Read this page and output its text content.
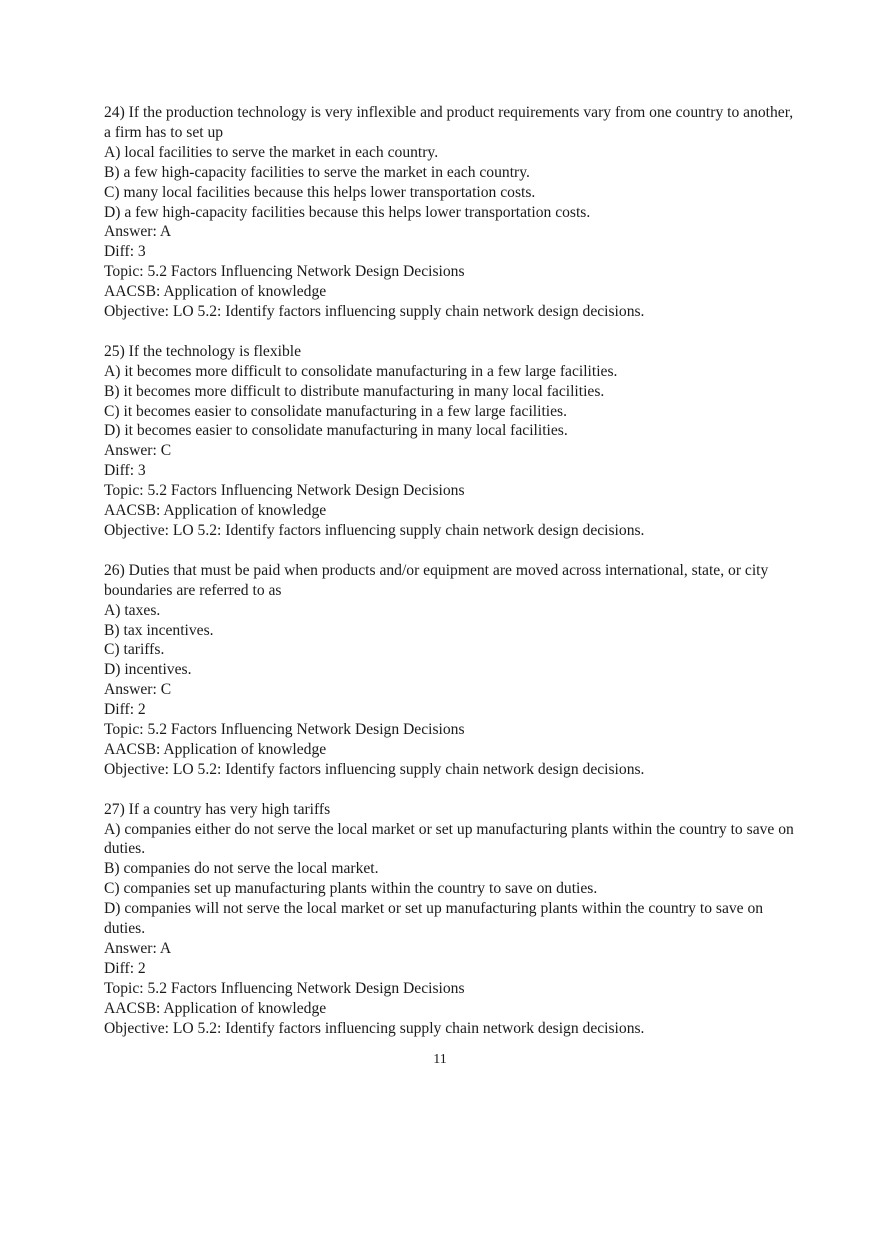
24) If the production technology is very inflexible and product requirements vary from one country to another, a firm has to set up
A) local facilities to serve the market in each country.
B) a few high-capacity facilities to serve the market in each country.
C) many local facilities because this helps lower transportation costs.
D) a few high-capacity facilities because this helps lower transportation costs.
Answer: A
Diff: 3
Topic: 5.2 Factors Influencing Network Design Decisions
AACSB: Application of knowledge
Objective: LO 5.2: Identify factors influencing supply chain network design decisions.
25) If the technology is flexible
A) it becomes more difficult to consolidate manufacturing in a few large facilities.
B) it becomes more difficult to distribute manufacturing in many local facilities.
C) it becomes easier to consolidate manufacturing in a few large facilities.
D) it becomes easier to consolidate manufacturing in many local facilities.
Answer: C
Diff: 3
Topic: 5.2 Factors Influencing Network Design Decisions
AACSB: Application of knowledge
Objective: LO 5.2: Identify factors influencing supply chain network design decisions.
26) Duties that must be paid when products and/or equipment are moved across international, state, or city boundaries are referred to as
A) taxes.
B) tax incentives.
C) tariffs.
D) incentives.
Answer: C
Diff: 2
Topic: 5.2 Factors Influencing Network Design Decisions
AACSB: Application of knowledge
Objective: LO 5.2: Identify factors influencing supply chain network design decisions.
27) If a country has very high tariffs
A) companies either do not serve the local market or set up manufacturing plants within the country to save on duties.
B) companies do not serve the local market.
C) companies set up manufacturing plants within the country to save on duties.
D) companies will not serve the local market or set up manufacturing plants within the country to save on duties.
Answer: A
Diff: 2
Topic: 5.2 Factors Influencing Network Design Decisions
AACSB: Application of knowledge
Objective: LO 5.2: Identify factors influencing supply chain network design decisions.
11
